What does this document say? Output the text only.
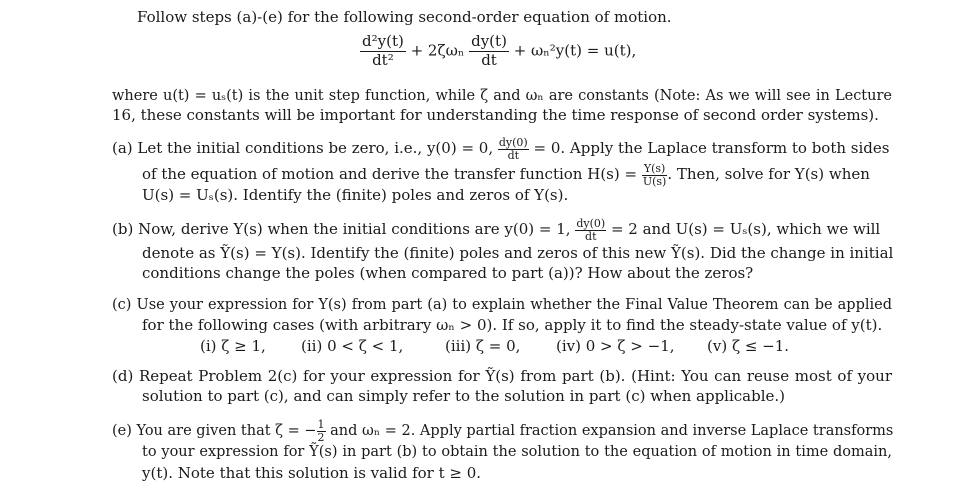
Follow steps (a)-(e) for the following second-order equation of motion.
$\frac{\text{d²y(t)}}{\text{dt²}} + 2\zeta\omega_n \frac{dy(t)}{dt} + \omega_n^2y(t) = u(t)$,
where u(t) = uₛ(t) is the unit step function, while ζ and ωₙ are constants (Note: As we will see in Lecture
16, these constants will be important for understanding the time response of second order systems).
(a) Let the initial conditions be zero, i.e., y(0) = 0, $\frac{dy(0)}{dt} = 0$. Apply the Laplace transform to both sides
of the equation of motion and derive the transfer function $H(s) = \frac{Y(s)}{U(s)}$ . Then, solve for Y(s) when
U(s) = Uₛ(s). Identify the (finite) poles and zeros of Y(s).
(b) Now, derive Y(s) when the initial conditions are y(0) = 1, $\frac{dy(0)}{dt} = 2$ and U(s) = Uₛ(s), which we will
denote as Ỹ(s) = Y(s). Identify the (finite) poles and zeros of this new Ỹ(s). Did the change in initial
conditions change the poles (when compared to part (a))? How about the zeros?
(c) Use your expression for Y(s) from part (a) to explain whether the Final Value Theorem can be applied
for the following cases (with arbitrary ωₙ > 0). If so, apply it to find the steady-state value of y(t).
(i) ζ ≥ 1, (ii) 0 < ζ < 1,	(iii) ζ = 0, (iv) 0 > ζ > −1, (v) ζ ≤ −1.
(d) Repeat Problem 2(c) for your expression for Ỹ(s) from part (b). (Hint: You can reuse most of your
solution to part (c), and can simply refer to the solution in part (c) when applicable.)
(e) You are given that ζ = − $\frac{1}{2}$ and ωₙ = 2. Apply partial fraction expansion and inverse Laplace transforms
to your expression for Ỹ(s) in part (b) to obtain the solution to the equation of motion in time domain,
y(t). Note that this solution is valid for t ≥ 0.
